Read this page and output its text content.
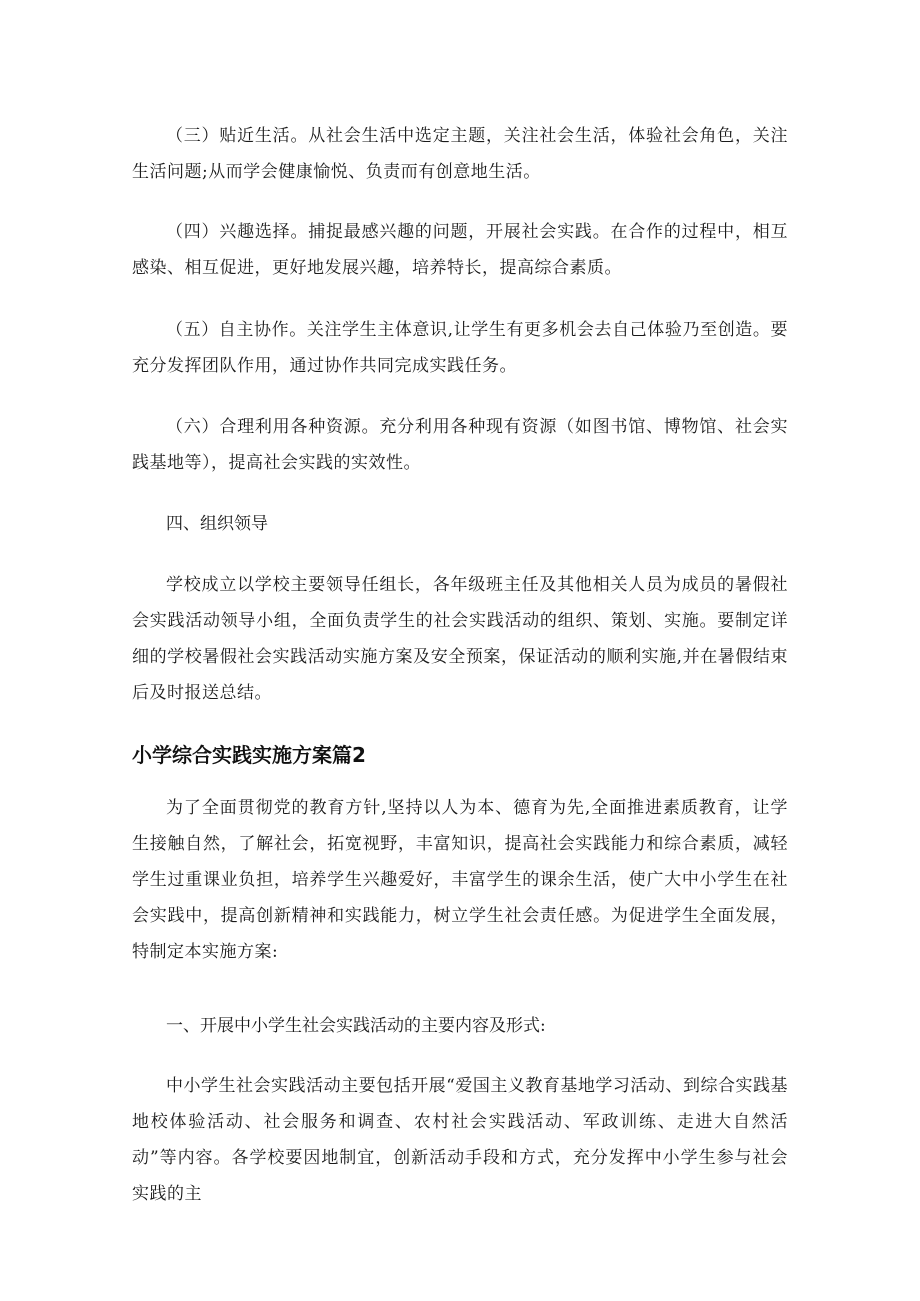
（三）贴近生活。从社会生活中选定主题，关注社会生活，体验社会角色，关注生活问题;从而学会健康愉悦、负责而有创意地生活。

（四）兴趣选择。捕捉最感兴趣的问题，开展社会实践。在合作的过程中，相互感染、相互促进，更好地发展兴趣，培养特长，提高综合素质。

（五）自主协作。关注学生主体意识,让学生有更多机会去自己体验乃至创造。要充分发挥团队作用，通过协作共同完成实践任务。

（六）合理利用各种资源。充分利用各种现有资源（如图书馆、博物馆、社会实践基地等），提高社会实践的实效性。

四、组织领导

学校成立以学校主要领导任组长，各年级班主任及其他相关人员为成员的暑假社会实践活动领导小组，全面负责学生的社会实践活动的组织、策划、实施。要制定详细的学校暑假社会实践活动实施方案及安全预案，保证活动的顺利实施,并在暑假结束后及时报送总结。

小学综合实践实施方案篇2

为了全面贯彻党的教育方针,坚持以人为本、德育为先,全面推进素质教育，让学生接触自然，了解社会，拓宽视野，丰富知识，提高社会实践能力和综合素质，减轻学生过重课业负担，培养学生兴趣爱好，丰富学生的课余生活，使广大中小学生在社会实践中，提高创新精神和实践能力，树立学生社会责任感。为促进学生全面发展，特制定本实施方案:

一、开展中小学生社会实践活动的主要内容及形式:

中小学生社会实践活动主要包括开展“爱国主义教育基地学习活动、到综合实践基地校体验活动、社会服务和调查、农村社会实践活动、军政训练、走进大自然活动”等内容。各学校要因地制宜，创新活动手段和方式，充分发挥中小学生参与社会实践的主
